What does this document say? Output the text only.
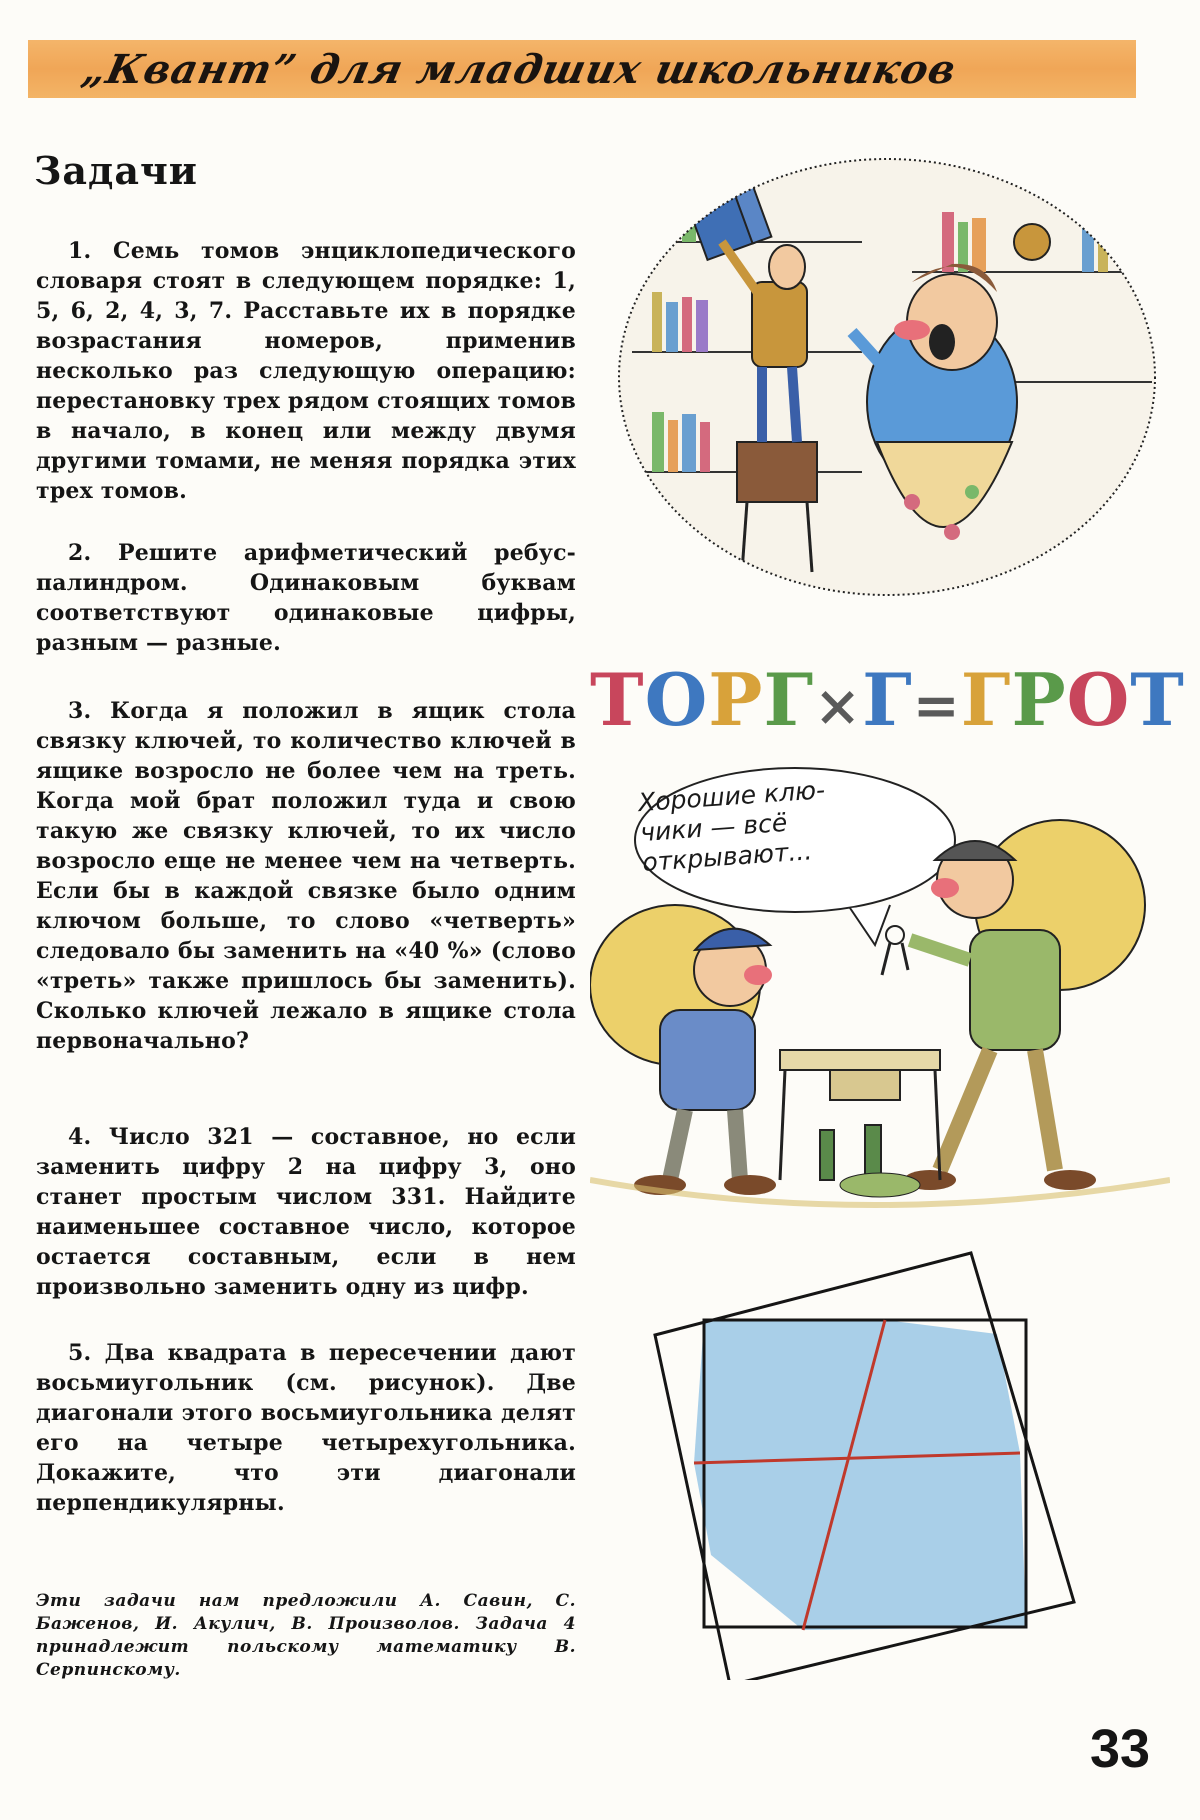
„Квант” для младших школьников
Задачи

1. Семь томов энциклопедического словаря стоят в следующем порядке: 1, 5, 6, 2, 4, 3, 7. Расставьте их в порядке возрастания номеров, применив несколько раз следующую операцию: перестановку трех рядом стоящих томов в начало, в конец или между двумя другими томами, не меняя порядка этих трех томов.

2. Решите арифметический ребус-палиндром. Одинаковым буквам соответствуют одинаковые цифры, разным — разные.

3. Когда я положил в ящик стола связку ключей, то количество ключей в ящике возросло не более чем на треть. Когда мой брат положил туда и свою такую же связку ключей, то их число возросло еще не менее чем на четверть. Если бы в каждой связке было одним ключом больше, то слово «четверть» следовало бы заменить на «40 %» (слово «треть» также пришлось бы заменить). Сколько ключей лежало в ящике стола первоначально?

4. Число 321 — составное, но если заменить цифру 2 на цифру 3, оно станет простым числом 331. Найдите наименьшее составное число, которое остается составным, если в нем произвольно заменить одну из цифр.

5. Два квадрата в пересечении дают восьмиугольник (см. рисунок). Две диагонали этого восьмиугольника делят его на четыре четырехугольника. Докажите, что эти диагонали перпендикулярны.

Эти задачи нам предложили А. Савин, С. Баженов, И. Акулич, В. Произволов. Задача 4 принадлежит польскому математику В. Серпинскому.

ТОРГ×Г=ГРОТ
Хорошие клю-
чики — всё
открывают...
33
